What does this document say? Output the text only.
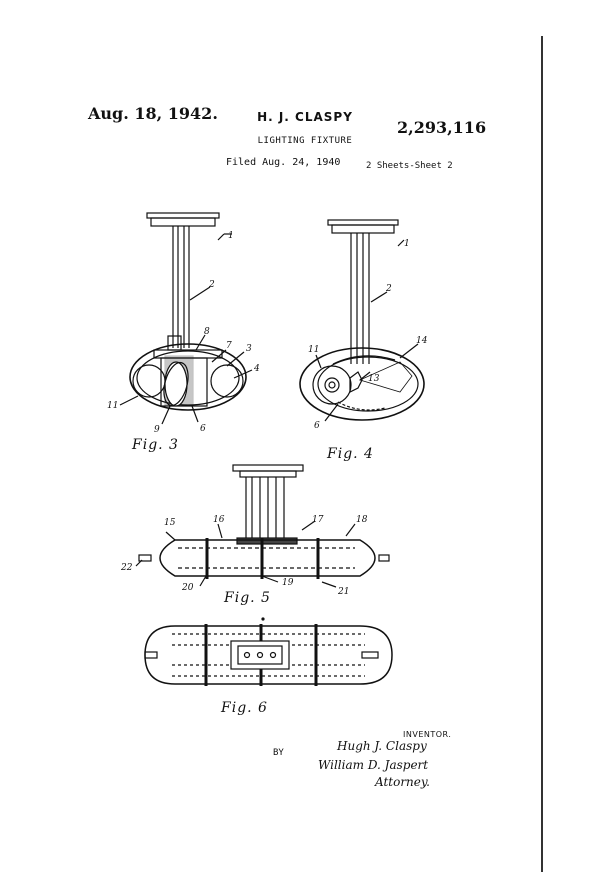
Aug. 18, 1942.	H. J. CLASPY
2,293,116
LIGHTING FIXTURE
Filed Aug. 24, 1940	2 Sheets-Sheet 2
1
2
8
7 3
4
11
9	6
1
2
11
14
13
6
15	16	17	18
22
20	19
21
Fig. 3
Fig. 4
Fig. 5
Fig. 6
INVENTOR.
BY	Hugh J. Claspy
William D. Jaspert
Attorney.
